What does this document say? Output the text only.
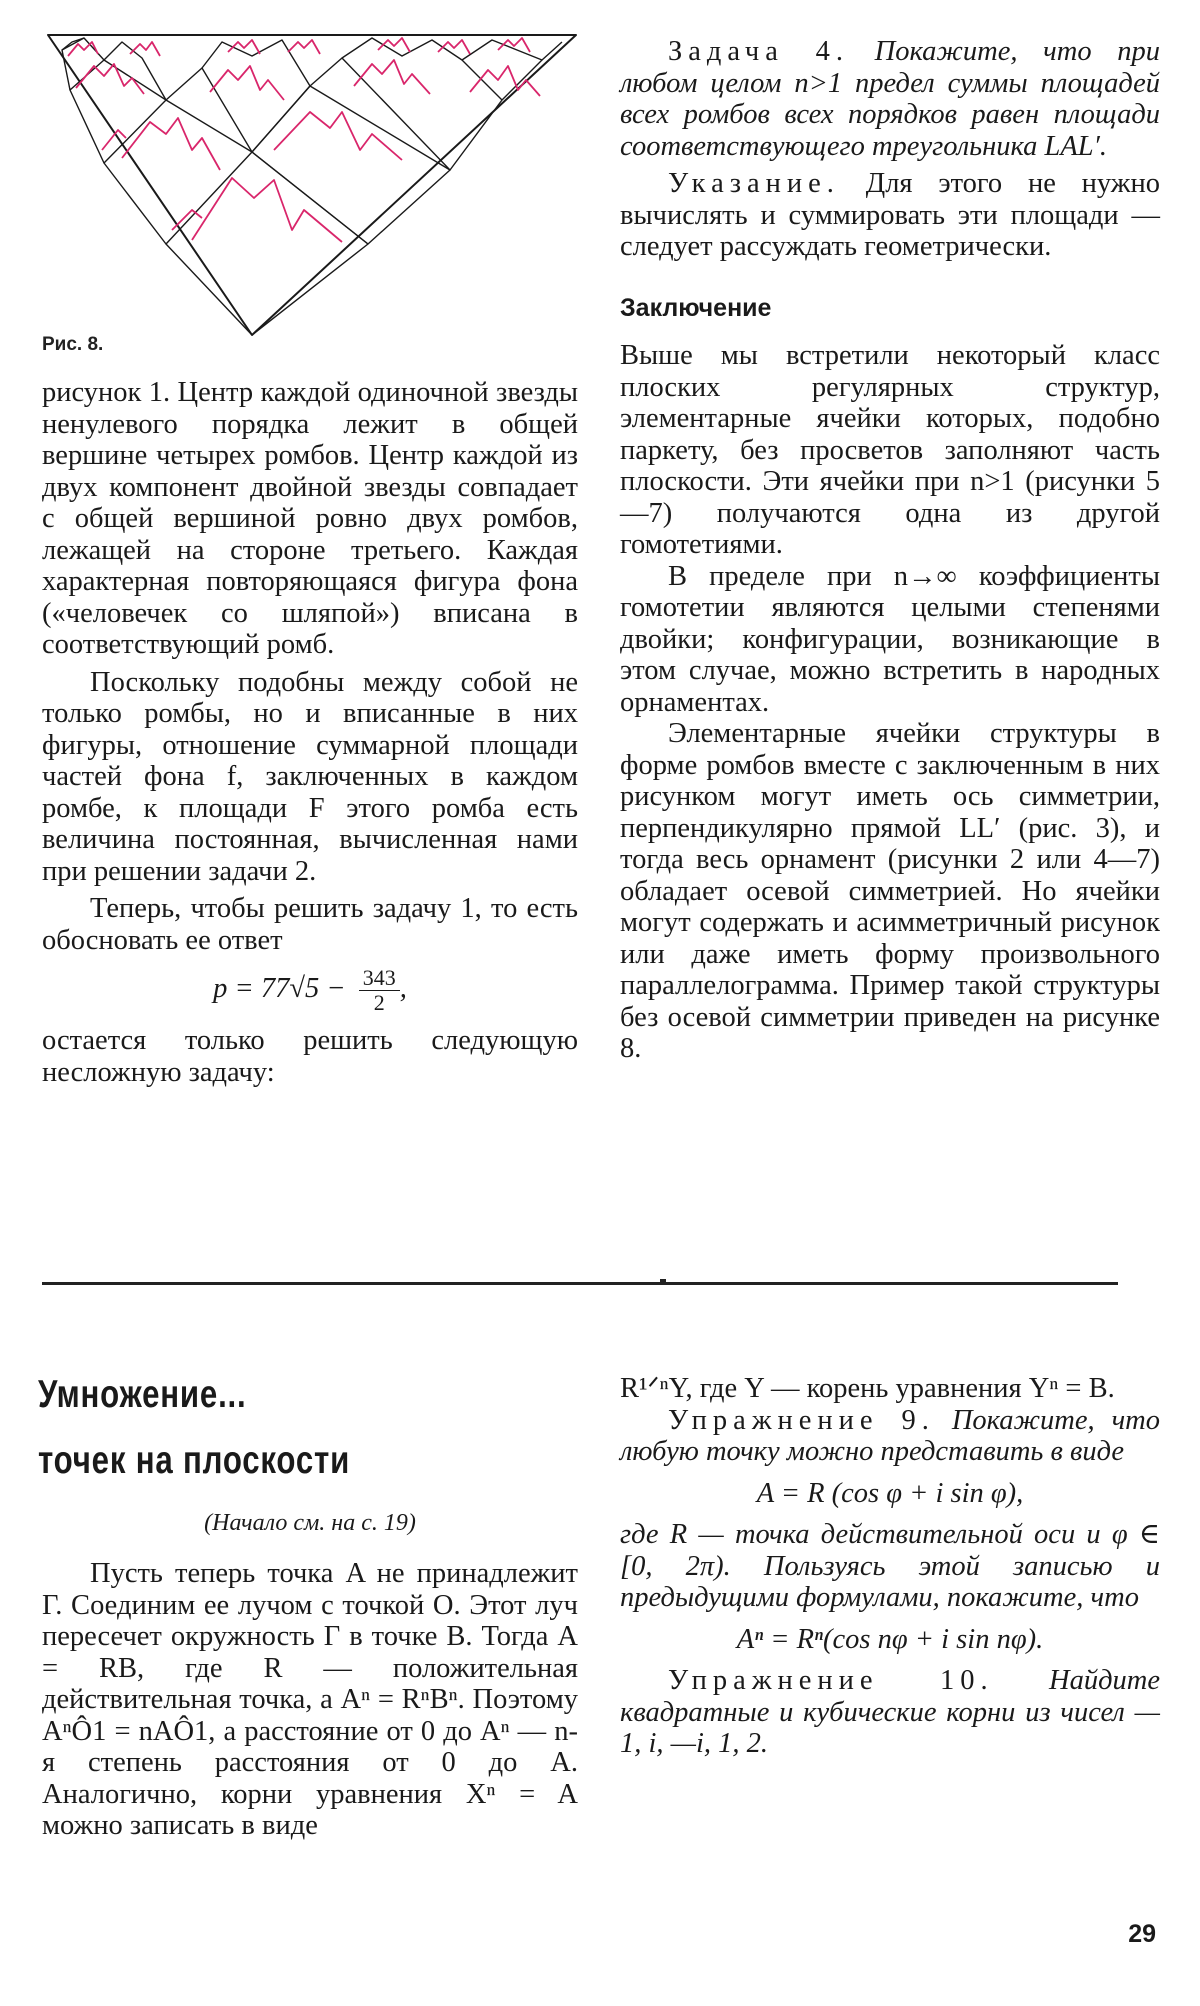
Рис. 8.

рисунок 1. Центр каждой одиночной звезды ненулевого порядка лежит в общей вершине четырех ромбов. Центр каждой из двух компонент двойной звезды совпадает с общей вершиной ровно двух ромбов, лежащей на стороне третьего. Каждая характерная повторяющаяся фигура фона («человечек со шляпой») вписана в соответствующий ромб.

Поскольку подобны между собой не только ромбы, но и вписанные в них фигуры, отношение суммарной площади частей фона f, заключенных в каждом ромбе, к площади F этого ромба есть величина постоянная, вычисленная нами при решении задачи 2.

Теперь, чтобы решить задачу 1, то есть обосновать ее ответ

$p = 77√5 - \frac{343}{2}$ ,

остается только решить следующую несложную задачу:

Задача 4. Покажите, что при любом целом n>1 предел суммы площадей всех ромбов всех порядков равен площади соответствующего треугольника LAL′.

Указание. Для этого не нужно вычислять и суммировать эти площади — следует рассуждать геометрически.

Заключение

Выше мы встретили некоторый класс плоских регулярных структур, элементарные ячейки которых, подобно паркету, без просветов заполняют часть плоскости. Эти ячейки при n>1 (рисунки 5—7) получаются одна из другой гомотетиями.

В пределе при n→∞ коэффициенты гомотетии являются целыми степенями двойки; конфигурации, возникающие в этом случае, можно встретить в народных орнаментах.

Элементарные ячейки структуры в форме ромбов вместе с заключенным в них рисунком могут иметь ось симметрии, перпендикулярно прямой LL′ (рис. 3), и тогда весь орнамент (рисунки 2 или 4—7) обладает осевой симметрией. Но ячейки могут содержать и асимметричный рисунок или даже иметь форму произвольного параллелограмма. Пример такой структуры без осевой симметрии приведен на рисунке 8.

Умножение...
точек на плоскости
(Начало см. на с. 19)

Пусть теперь точка A не принадлежит Г. Соединим ее лучом с точкой O. Этот луч пересечет окружность Г в точке B. Тогда A = RB, где R — положительная действительная точка, а Aⁿ = RⁿBⁿ. Поэтому AⁿÔ1 = nAÔ1, а расстояние от 0 до Aⁿ — n-я степень расстояния от 0 до A. Аналогично, корни уравнения Xⁿ = A можно записать в виде

R¹ᐟⁿY, где Y — корень уравнения Yⁿ = B.

Упражнение 9. Покажите, что любую точку можно представить в виде

A = R (cos φ + i sin φ),

где R — точка действительной оси и φ ∈ [0, 2π). Пользуясь этой записью и предыдущими формулами, покажите, что

Aⁿ = Rⁿ(cos nφ + i sin nφ).

Упражнение 10. Найдите квадратные и кубические корни из чисел —1, i, —i, 1, 2.

29
